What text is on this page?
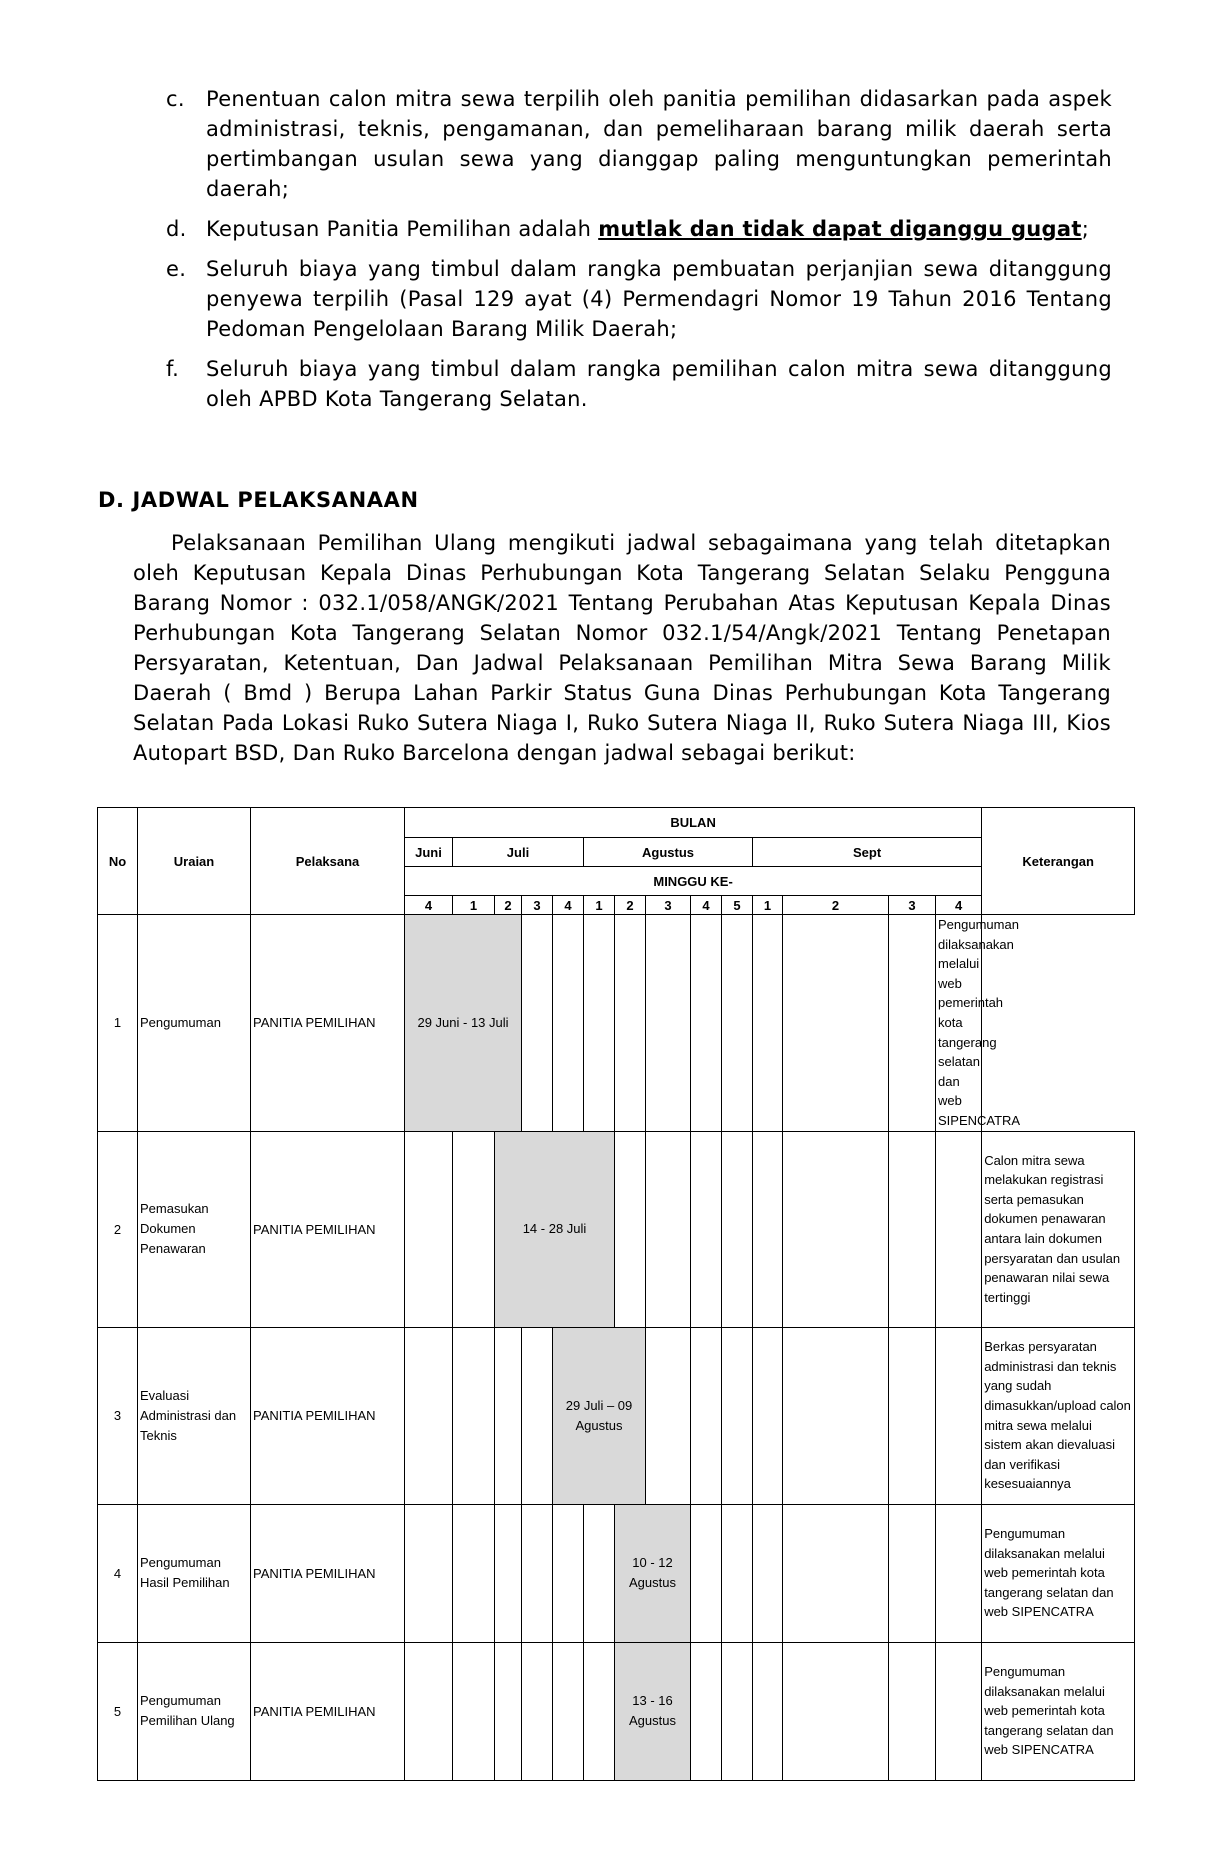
c. Penentuan calon mitra sewa terpilih oleh panitia pemilihan didasarkan pada aspek administrasi, teknis, pengamanan, dan pemeliharaan barang milik daerah serta pertimbangan usulan sewa yang dianggap paling menguntungkan pemerintah daerah;
d. Keputusan Panitia Pemilihan adalah mutlak dan tidak dapat diganggu gugat;
e. Seluruh biaya yang timbul dalam rangka pembuatan perjanjian sewa ditanggung penyewa terpilih (Pasal 129 ayat (4) Permendagri Nomor 19 Tahun 2016 Tentang Pedoman Pengelolaan Barang Milik Daerah;
f. Seluruh biaya yang timbul dalam rangka pemilihan calon mitra sewa ditanggung oleh APBD Kota Tangerang Selatan.
D. JADWAL PELAKSANAAN

Pelaksanaan Pemilihan Ulang mengikuti jadwal sebagaimana yang telah ditetapkan oleh Keputusan Kepala Dinas Perhubungan Kota Tangerang Selatan Selaku Pengguna Barang Nomor : 032.1/058/ANGK/2021 Tentang Perubahan Atas Keputusan Kepala Dinas Perhubungan Kota Tangerang Selatan Nomor 032.1/54/Angk/2021 Tentang Penetapan Persyaratan, Ketentuan, Dan Jadwal Pelaksanaan Pemilihan Mitra Sewa Barang Milik Daerah ( Bmd ) Berupa Lahan Parkir Status Guna Dinas Perhubungan Kota Tangerang Selatan Pada Lokasi Ruko Sutera Niaga I, Ruko Sutera Niaga II, Ruko Sutera Niaga III, Kios Autopart BSD, Dan Ruko Barcelona dengan jadwal sebagai berikut:

No	Uraian	Pelaksana	BULAN														Keterangan
			Juni	Juli				Agustus					Sept				
			MINGGU KE-														
			4	1	2	3	4	1	2	3	4	5	1	2	3	4	
1	Pengumuman	PANITIA PEMILIHAN	29 Juni - 13 Juli													Pengumuman dilaksanakan melalui web pemerintah kota tangerang selatan dan web SIPENCATRA	
2	Pemasukan Dokumen Penawaran	PANITIA PEMILIHAN			14 - 28 Juli												Calon mitra sewa melakukan registrasi serta pemasukan dokumen penawaran antara lain dokumen persyaratan dan usulan penawaran nilai sewa tertinggi
3	Evaluasi Administrasi dan Teknis	PANITIA PEMILIHAN					29 Juli – 09 Agustus										Berkas persyaratan administrasi dan teknis yang sudah dimasukkan/upload calon mitra sewa melalui sistem akan dievaluasi dan verifikasi kesesuaiannya
4	Pengumuman Hasil Pemilihan	PANITIA PEMILIHAN							10 - 12 Agustus								Pengumuman dilaksanakan melalui web pemerintah kota tangerang selatan dan web SIPENCATRA
5	Pengumuman Pemilihan Ulang	PANITIA PEMILIHAN							13 - 16 Agustus								Pengumuman dilaksanakan melalui web pemerintah kota tangerang selatan dan web SIPENCATRA
